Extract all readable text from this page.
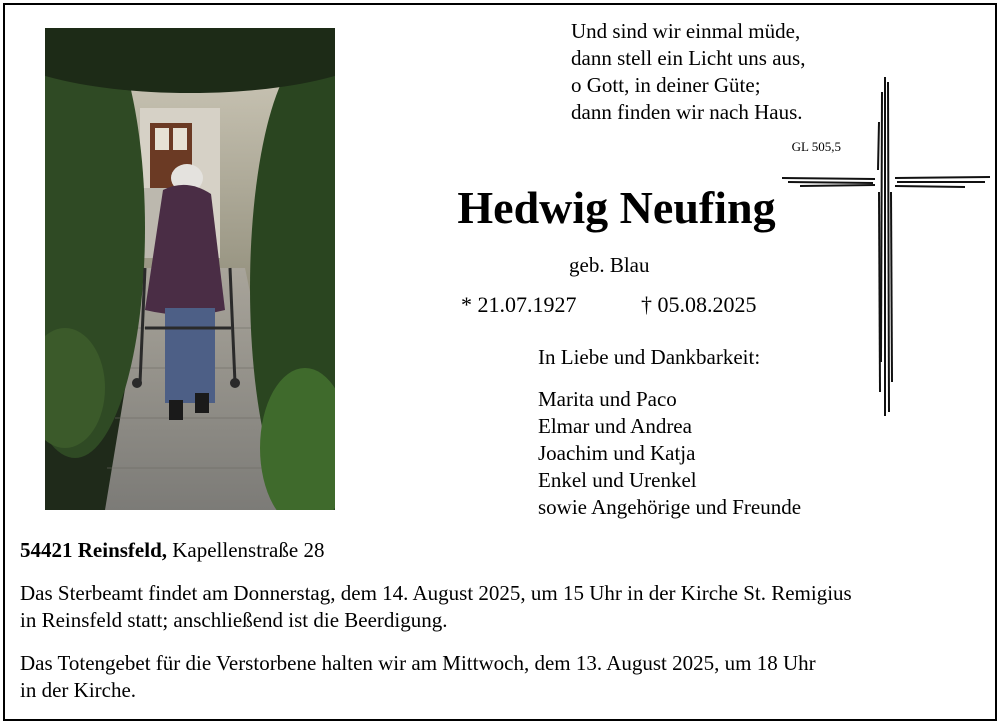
Und sind wir einmal müde,
dann stell ein Licht uns aus,
o Gott, in deiner Güte;
dann finden wir nach Haus.
GL 505,5
Hedwig Neufing
geb. Blau
* 21.07.1927	† 05.08.2025
In Liebe und Dankbarkeit:
Marita und Paco
Elmar und Andrea
Joachim und Katja
Enkel und Urenkel
sowie Angehörige und Freunde
54421 Reinsfeld, Kapellenstraße 28
Das Sterbeamt findet am Donnerstag, dem 14. August 2025, um 15 Uhr in der Kirche St. Remigius
in Reinsfeld statt; anschließend ist die Beerdigung.
Das Totengebet für die Verstorbene halten wir am Mittwoch, dem 13. August 2025, um 18 Uhr
in der Kirche.
